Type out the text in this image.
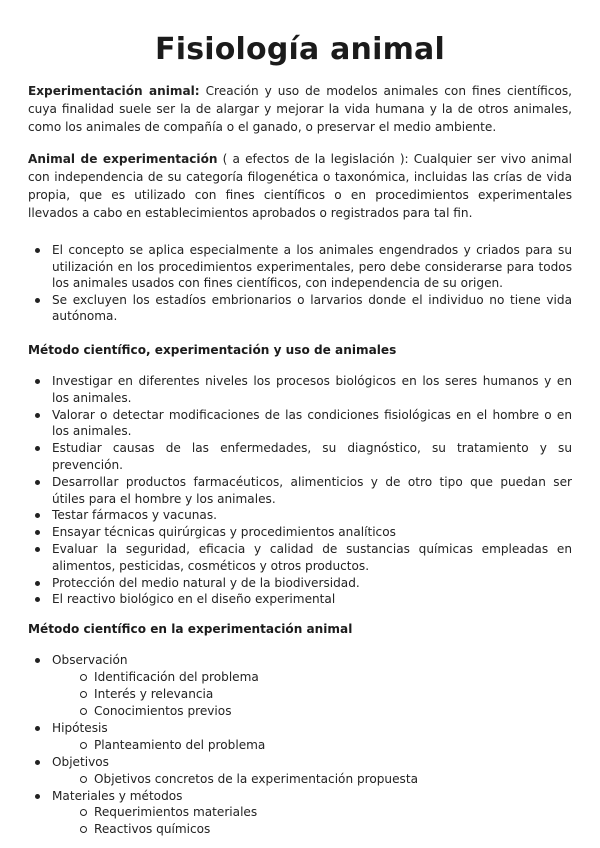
Fisiología animal

Experimentación animal: Creación y uso de modelos animales con fines científicos, cuya finalidad suele ser la de alargar y mejorar la vida humana y la de otros animales, como los animales de compañía o el ganado, o preservar el medio ambiente.

Animal de experimentación ( a efectos de la legislación ): Cualquier ser vivo animal con independencia de su categoría filogenética o taxonómica, incluidas las crías de vida propia, que es utilizado con fines científicos o en procedimientos experimentales llevados a cabo en establecimientos aprobados o registrados para tal fin.

El concepto se aplica especialmente a los animales engendrados y criados para su utilización en los procedimientos experimentales, pero debe considerarse para todos los animales usados con fines científicos, con independencia de su origen.
Se excluyen los estadíos embrionarios o larvarios donde el individuo no tiene vida autónoma.
Método científico, experimentación y uso de animales
Investigar en diferentes niveles los procesos biológicos en los seres humanos y en los animales.
Valorar o detectar modificaciones de las condiciones fisiológicas en el hombre o en los animales.
Estudiar causas de las enfermedades, su diagnóstico, su tratamiento y su prevención.
Desarrollar productos farmacéuticos, alimenticios y de otro tipo que puedan ser útiles para el hombre y los animales.
Testar fármacos y vacunas.
Ensayar técnicas quirúrgicas y procedimientos analíticos
Evaluar la seguridad, eficacia y calidad de sustancias químicas empleadas en alimentos, pesticidas, cosméticos y otros productos.
Protección del medio natural y de la biodiversidad.
El reactivo biológico en el diseño experimental
Método científico en la experimentación animal
Observación
Identificación del problema
Interés y relevancia
Conocimientos previos
Hipótesis
Planteamiento del problema
Objetivos
Objetivos concretos de la experimentación propuesta
Materiales y métodos
Requerimientos materiales
Reactivos químicos
